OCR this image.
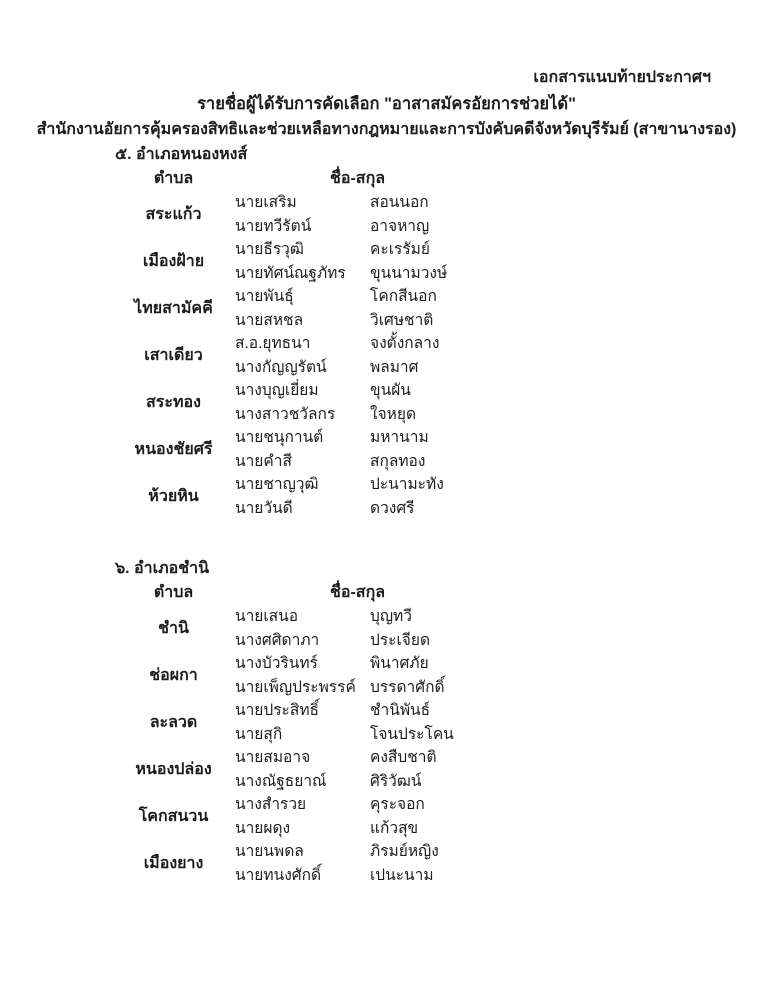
เอกสารแนบท้ายประกาศฯ
รายชื่อผู้ได้รับการคัดเลือก "อาสาสมัครอัยการช่วยได้"
สำนักงานอัยการคุ้มครองสิทธิและช่วยเหลือทางกฎหมายและการบังคับคดีจังหวัดบุรีรัมย์ (สาขานางรอง)
๕. อำเภอหนองหงส์
ตำบล	ชื่อ-สกุล
สระแก้ว
นายเสริม	สอนนอก
นายทวีรัตน์	อาจหาญ
เมืองฝ้าย
นายธีรวุฒิ	คะเรรัมย์
นายทัศน์ณฐภัทร	ขุนนามวงษ์
ไทยสามัคคี
นายพันธุ์	โคกสีนอก
นายสหชล	วิเศษชาติ
เสาเดียว
ส.อ.ยุทธนา	จงตั้งกลาง
นางกัญญรัตน์	พลมาศ
สระทอง
นางบุญเยี่ยม	ขุนผัน
นางสาวชวัลกร	ใจหยุด
หนองชัยศรี
นายชนุกานต์	มหานาม
นายคำสี	สกุลทอง
ห้วยหิน
นายชาญวุฒิ	ปะนามะทัง
นายวันดี	ดวงศรี
๖. อำเภอชำนิ
ตำบล	ชื่อ-สกุล
ชำนิ
นายเสนอ	บุญทวี
นางศศิดาภา	ประเจียด
ช่อผกา
นางบัวรินทร์	พินาศภัย
นายเพ็ญประพรรค์ บรรดาศักดิ์
ละลวด
นายประสิทธิ์	ชำนิพันธ์
นายสุกิ	โจนประโคน
หนองปล่อง
นายสมอาจ	คงสืบชาติ
นางณัฐธยาณ์	ศิริวัฒน์
โคกสนวน
นางสำรวย	คุระจอก
นายผดุง	แก้วสุข
เมืองยาง
นายนพดล	ภิรมย์หญิง
นายทนงศักดิ์	เปนะนาม
